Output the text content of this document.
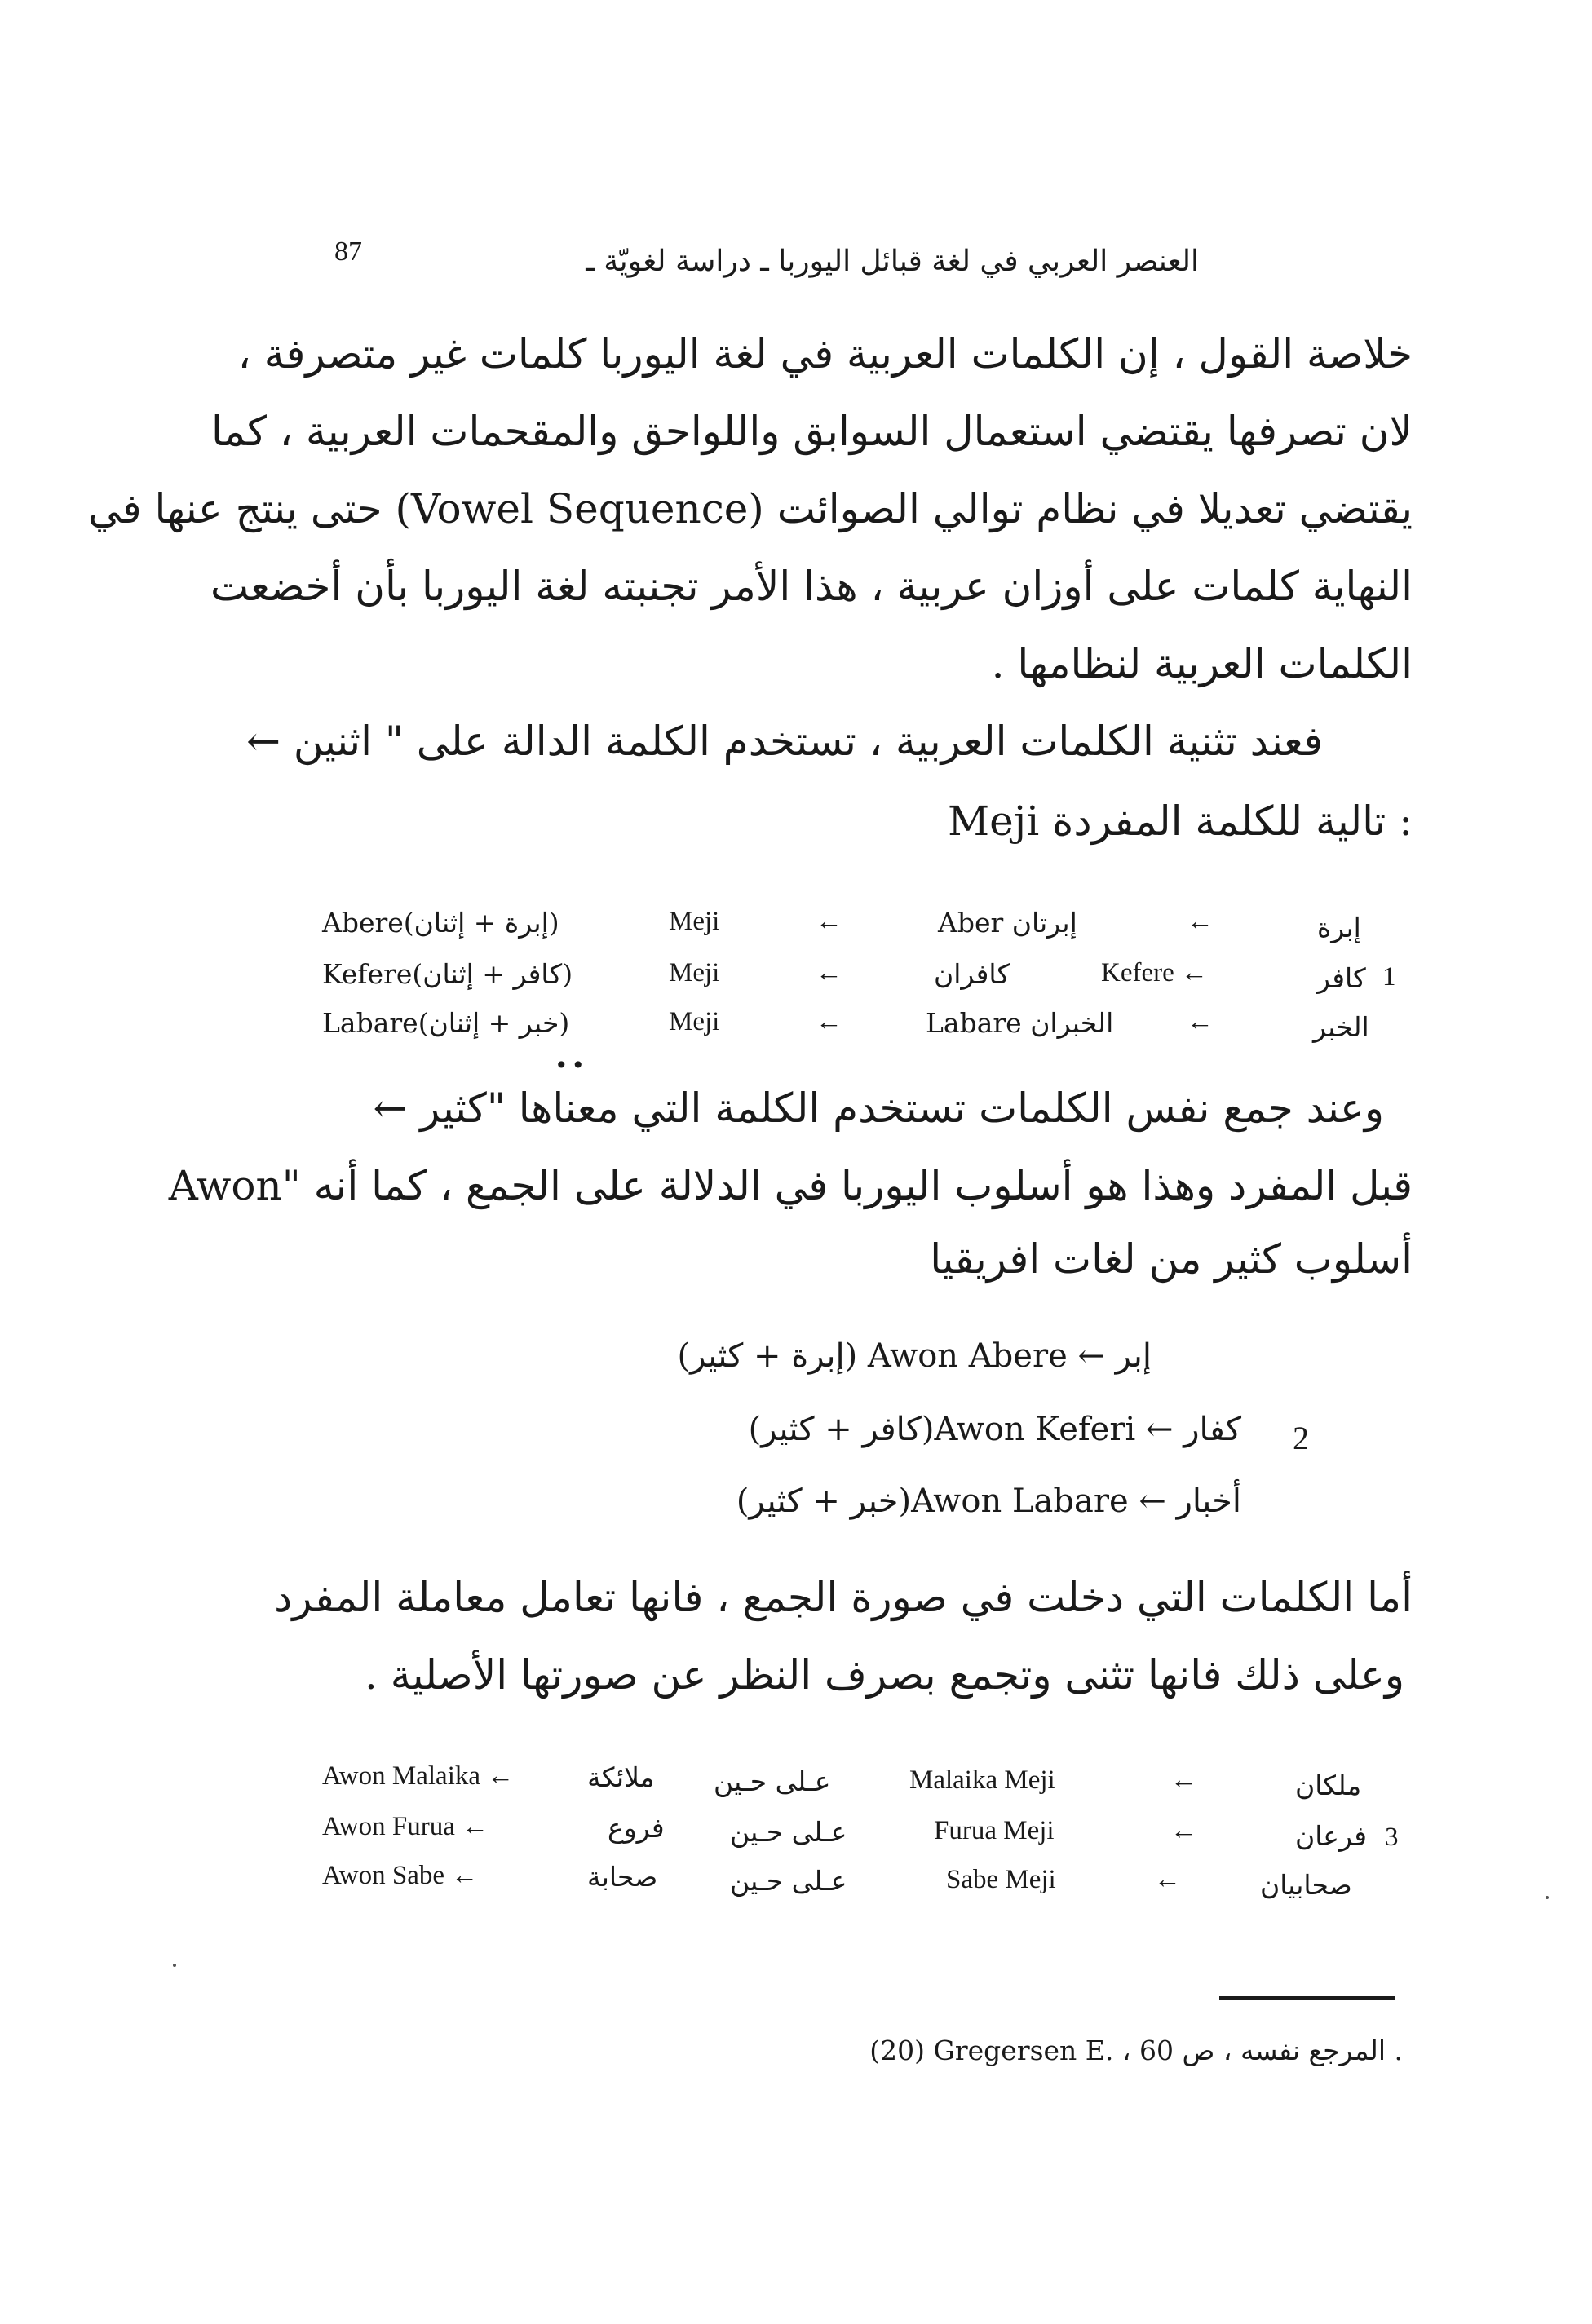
87	العنصر العربي في لغة قبائل اليوربا ـ دراسة لغويّة ـ
خلاصة القول ، إن الكلمات العربية في لغة اليوربا كلمات غير متصرفة ،
لان تصرفها يقتضي استعمال السوابق واللواحق والمقحمات العربية ، كما
يقتضي تعديلا في نظام توالي الصوائت (Vowel Sequence) حتى ينتج عنها في
النهاية كلمات على أوزان عربية ، هذا الأمر تجنبته لغة اليوربا بأن أخضعت
الكلمات العربية لنظامها .
فعند تثنية الكلمات العربية ، تستخدم الكلمة الدالة على " اثنين ←
Meji تالية للكلمة المفردة :
1
إبرة
←
Aber إبرتان
←
Meji
(إبرة + إثنان)Abere
كافر
Kefere ←
كافران
←
Meji
(كافر + إثنان)Kefere
الخبر
←
Labare الخبران
←
Meji
(خبر + إثنان)Labare
••
وعند جمع نفس الكلمات تستخدم الكلمة التي معناها "كثير ←
Awon" قبل المفرد وهذا هو أسلوب اليوربا في الدلالة على الجمع ، كما أنه
أسلوب كثير من لغات افريقيا
2
إبر ← Awon Abere (إبرة + كثير)
كفار ← Awon Keferi(كافر + كثير)
أخبار ← Awon Labare(خبر + كثير)
أما الكلمات التي دخلت في صورة الجمع ، فانها تعامل معاملة المفرد
وعلى ذلك فانها تثنى وتجمع بصرف النظر عن صورتها الأصلية .
3
ملكان
←
Malaika Meji
عـلى حـين
ملائكة
Awon Malaika ←
فرعان
←
Furua Meji
عـلى حـين
فروع
Awon Furua ←
صحابيان
←
Sabe Meji
عـلى حـين
صحابة
Awon Sabe ←
(20) Gregersen E. ، المرجع نفسه ، ص 60 .
